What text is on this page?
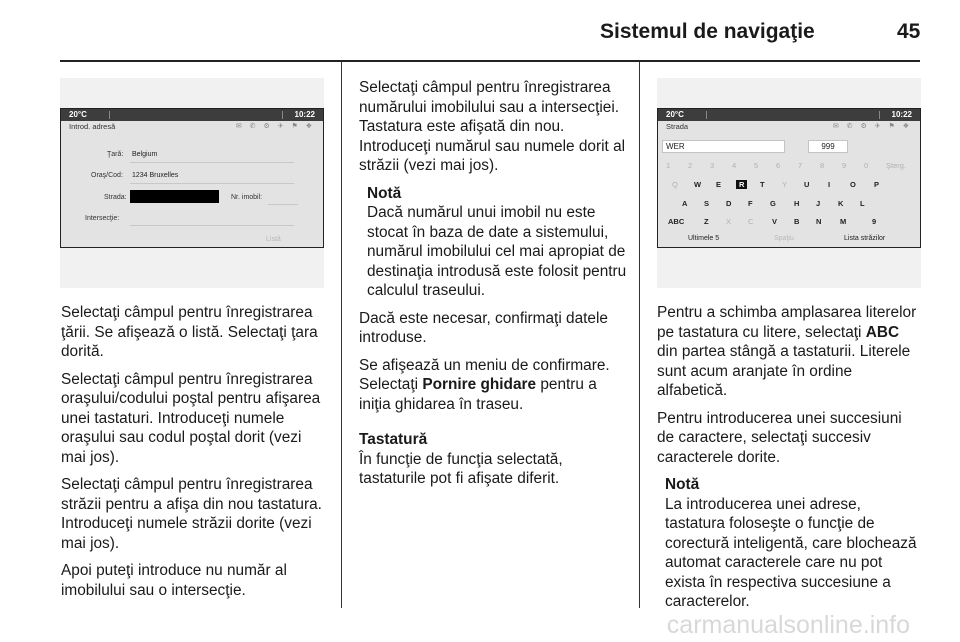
Sistemul de navigaţie	45
20°C	10:22
Introd. adresă	✉ ✆ ⚙ ✈ ⚑ ❖
Ţară: Belgium
Oraş/Cod: 1234 Bruxelles
Strada:	Nr. imobil:
Intersecţie:
Listă

Selectaţi câmpul pentru înregistrarea ţării. Se afişează o listă. Selectaţi ţara dorită.

Selectaţi câmpul pentru înregistrarea oraşului/codului poştal pentru afişarea unei tastaturi. Introduceţi numele oraşului sau codul poştal dorit (vezi mai jos).

Selectaţi câmpul pentru înregistrarea străzii pentru a afişa din nou tastatura. Introduceţi numele străzii dorite (vezi mai jos).

Apoi puteţi introduce nu număr al imobilului sau o intersecţie.

Selectaţi câmpul pentru înregistrarea numărului imobilului sau a intersecţiei. Tastatura este afişată din nou. Introduceţi numărul sau numele dorit al străzii (vezi mai jos).

Notă
Dacă numărul unui imobil nu este stocat în baza de date a sistemului, numărul imobilului cel mai apropiat de destinaţia introdusă este folosit pentru calculul traseului.

Dacă este necesar, confirmaţi datele introduse.

Se afişează un meniu de confirmare. Selectaţi Pornire ghidare pentru a iniţia ghidarea în traseu.

Tastatură

În funcţie de funcţia selectată, tastaturile pot fi afişate diferit.

20°C	10:22
Strada	✉ ✆ ⚙ ✈ ⚑ ❖
WER	999
1 2 3 4 5 6 7 8 9 0 Şterg.
Q W E	R	T Y U I	O P
A S D F G H J K L
ABC	Z X C V B N M	9
Ultimele 5	Spaţiu	Lista străzilor

Pentru a schimba amplasarea literelor pe tastatura cu litere, selectaţi ABC din partea stângă a tastaturii. Literele sunt acum aranjate în ordine alfabetică.

Pentru introducerea unei succesiuni de caractere, selectaţi succesiv caracterele dorite.

Notă
La introducerea unei adrese, tastatura foloseşte o funcţie de corectură inteligentă, care blochează automat caracterele care nu pot exista în respectiva succesiune a caracterelor.
carmanualsonline.info
